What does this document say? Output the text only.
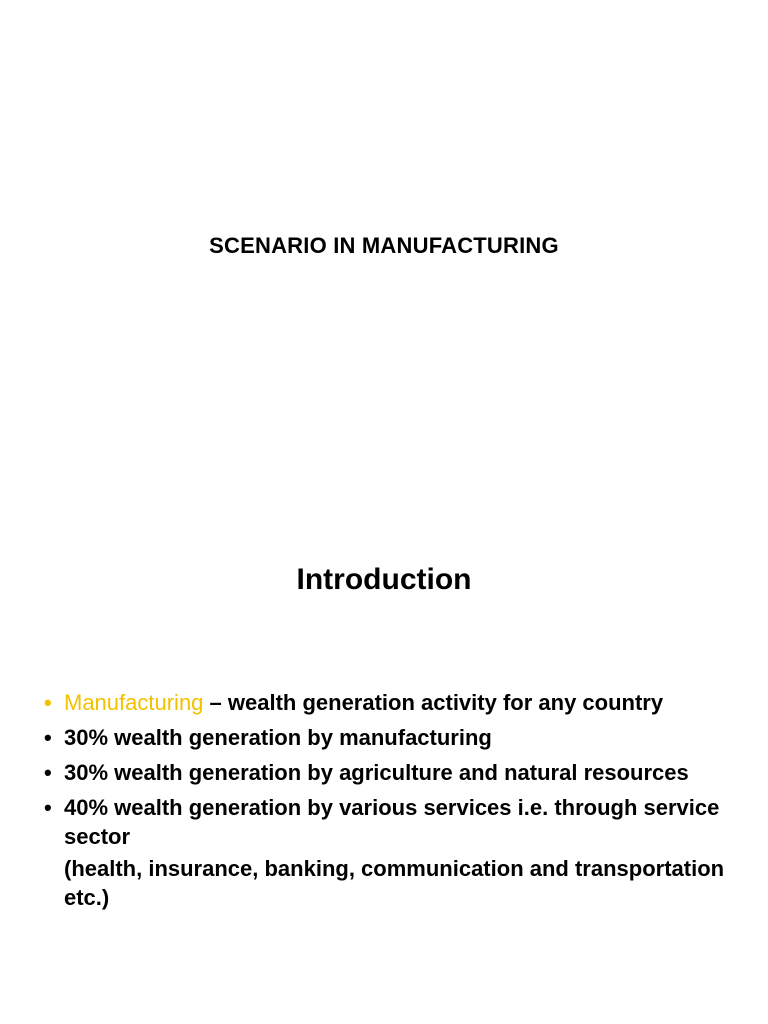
SCENARIO IN MANUFACTURING
Introduction
• Manufacturing – wealth generation activity for any country
• 30% wealth generation by manufacturing
• 30% wealth generation by agriculture and natural resources
• 40% wealth generation by various services i.e. through service sector
(health, insurance, banking, communication and transportation etc.)
